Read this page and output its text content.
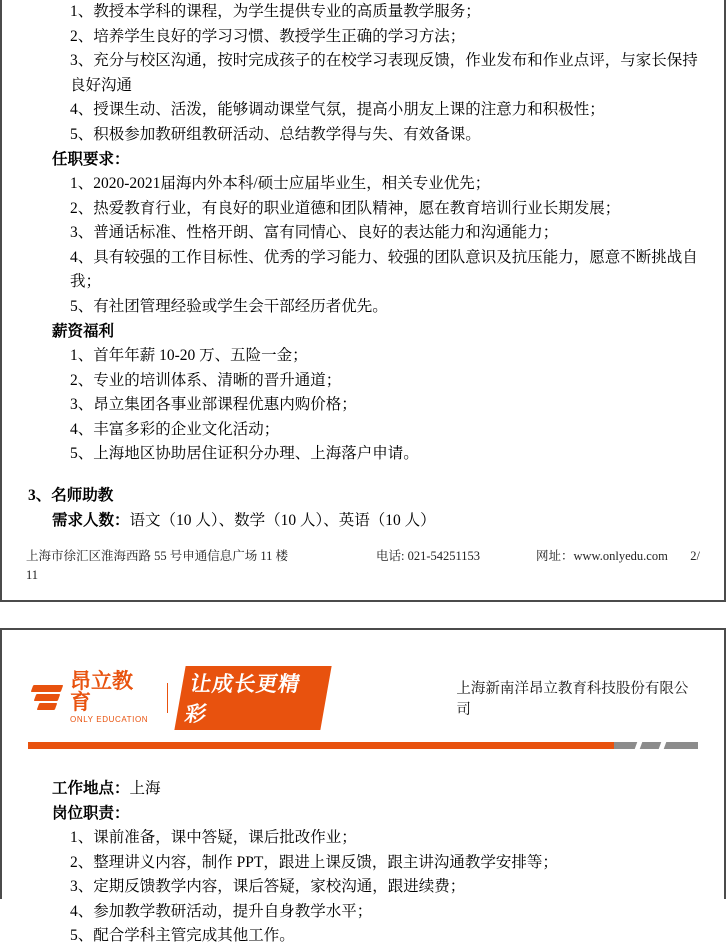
1、教授本学科的课程，为学生提供专业的高质量教学服务；
2、培养学生良好的学习习惯、教授学生正确的学习方法；
3、充分与校区沟通，按时完成孩子的在校学习表现反馈，作业发布和作业点评，与家长保持良好沟通
4、授课生动、活泼，能够调动课堂气氛，提高小朋友上课的注意力和积极性；
5、积极参加教研组教研活动、总结教学得与失、有效备课。
任职要求：
1、2020-2021届海内外本科/硕士应届毕业生，相关专业优先；
2、热爱教育行业，有良好的职业道德和团队精神，愿在教育培训行业长期发展；
3、普通话标准、性格开朗、富有同情心、良好的表达能力和沟通能力；
4、具有较强的工作目标性、优秀的学习能力、较强的团队意识及抗压能力，愿意不断挑战自我；
5、有社团管理经验或学生会干部经历者优先。
薪资福利
1、首年年薪 10-20 万、五险一金；
2、专业的培训体系、清晰的晋升通道；
3、昂立集团各事业部课程优惠内购价格；
4、丰富多彩的企业文化活动；
5、上海地区协助居住证积分办理、上海落户申请。
3、名师助教
需求人数：语文（10 人）、数学（10 人）、英语（10 人）
上海市徐汇区淮海西路 55 号申通信息广场 11 楼	电话: 021-54251153	网址：www.onlyedu.com	2/
11
昂立教育
ONLY EDUCATION
让成长更精彩
上海新南洋昂立教育科技股份有限公司
工作地点：上海
岗位职责：
1、课前准备，课中答疑，课后批改作业；
2、整理讲义内容，制作 PPT，跟进上课反馈，跟主讲沟通教学安排等；
3、定期反馈教学内容，课后答疑，家校沟通，跟进续费；
4、参加教学教研活动，提升自身教学水平；
5、配合学科主管完成其他工作。
